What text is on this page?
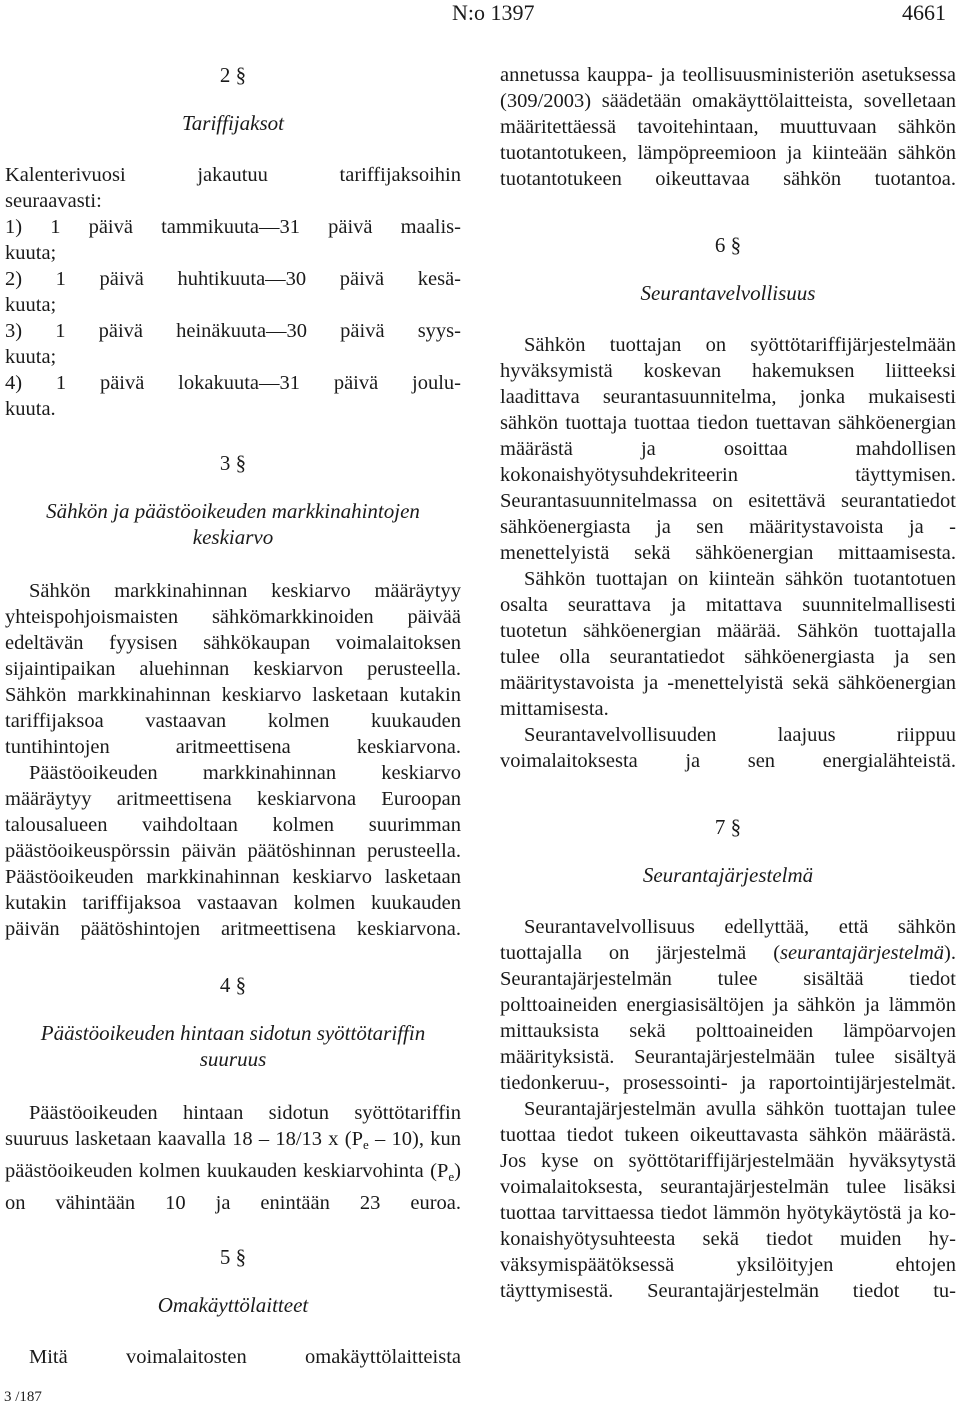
N:o 1397	4661

2 §

Tariffijaksot

Kalenterivuosi jakautuu tariffijaksoihin

seuraavasti:

1) 1 päivä tammikuuta—31 päivä maalis-

kuuta;

2) 1 päivä huhtikuuta—30 päivä kesä-

kuuta;

3) 1 päivä heinäkuuta—30 päivä syys-

kuuta;

4) 1 päivä lokakuuta—31 päivä joulu-

kuuta.

3 §

Sähkön ja päästöoikeuden markkinahintojen

keskiarvo

Sähkön markkinahinnan keskiarvo määräytyy yhteispohjoismaisten sähkömarkkinoiden päivää edeltävän fyysisen sähkökaupan voimalaitoksen sijaintipaikan aluehinnan keskiarvon perusteella. Sähkön markkinahinnan keskiarvo lasketaan kutakin tariffijaksoa vastaavan kolmen kuukauden tuntihintojen aritmeettisena keskiarvona.

Päästöoikeuden markkinahinnan keskiarvo määräytyy aritmeettisena keskiarvona Euroopan talousalueen vaihdoltaan kolmen suurimman päästöoikeuspörssin päivän päätöshinnan perusteella. Päästöoikeuden markkinahinnan keskiarvo lasketaan kutakin tariffijaksoa vastaavan kolmen kuukauden päivän päätöshintojen aritmeettisena keskiarvona.

4 §

Päästöoikeuden hintaan sidotun syöttötariffin

suuruus

Päästöoikeuden hintaan sidotun syöttötariffin suuruus lasketaan kaavalla 18 – 18/13 x $(P_e - 10)$, kun päästöoikeuden kolmen kuukauden keskiarvohinta $(P_e)$ on vähintään 10 ja enintään 23 euroa.

5 §

Omakäyttölaitteet

Mitä voimalaitosten omakäyttölaitteista

annetussa kauppa- ja teollisuusministeriön asetuksessa (309/2003) säädetään omakäyttölaitteista, sovelletaan määritettäessä tavoitehintaan, muuttuvaan sähkön tuotantotukeen, lämpöpreemioon ja kiinteään sähkön tuotantotukeen oikeuttavaa sähkön tuotantoa.

6 §

Seurantavelvollisuus

Sähkön tuottajan on syöttötariffijärjestelmään hyväksymistä koskevan hakemuksen liitteeksi laadittava seurantasuunnitelma, jonka mukaisesti sähkön tuottaja tuottaa tiedon tuettavan sähköenergian määrästä ja osoittaa mahdollisen kokonaishyötysuhdekriteerin täyttymisen. Seurantasuunnitelmassa on esitettävä seurantatiedot sähköenergiasta ja sen määritystavoista ja -menettelyistä sekä sähköenergian mittaamisesta.

Sähkön tuottajan on kiinteän sähkön tuotantotuen osalta seurattava ja mitattava suunnitelmallisesti tuotetun sähköenergian määrää. Sähkön tuottajalla tulee olla seurantatiedot sähköenergiasta ja sen määritystavoista ja -menettelyistä sekä sähköenergian mittamisesta.

Seurantavelvollisuuden laajuus riippuu voimalaitoksesta ja sen energialähteistä.

7 §

Seurantajärjestelmä

Seurantavelvollisuus edellyttää, että sähkön tuottajalla on järjestelmä (seurantajärjestelmä). Seurantajärjestelmän tulee sisältää tiedot polttoaineiden energiasisältöjen ja sähkön ja lämmön mittauksista sekä polttoaineiden lämpöarvojen määrityksistä. Seurantajärjestelmään tulee sisältyä tiedonkeruu-, prosessointi- ja raportointijärjestelmät.

Seurantajärjestelmän avulla sähkön tuottajan tulee tuottaa tiedot tukeen oikeuttavasta sähkön määrästä. Jos kyse on syöttötariffijärjestelmään hyväksytystä voimalaitoksesta, seurantajärjestelmän tulee lisäksi tuottaa tarvittaessa tiedot lämmön hyötykäytöstä ja kokonaishyötysuhteesta sekä tiedot muiden hyväksymispäätöksessä yksilöityjen ehtojen täyttymisestä. Seurantajärjestelmän tiedot tu-

3 /187
